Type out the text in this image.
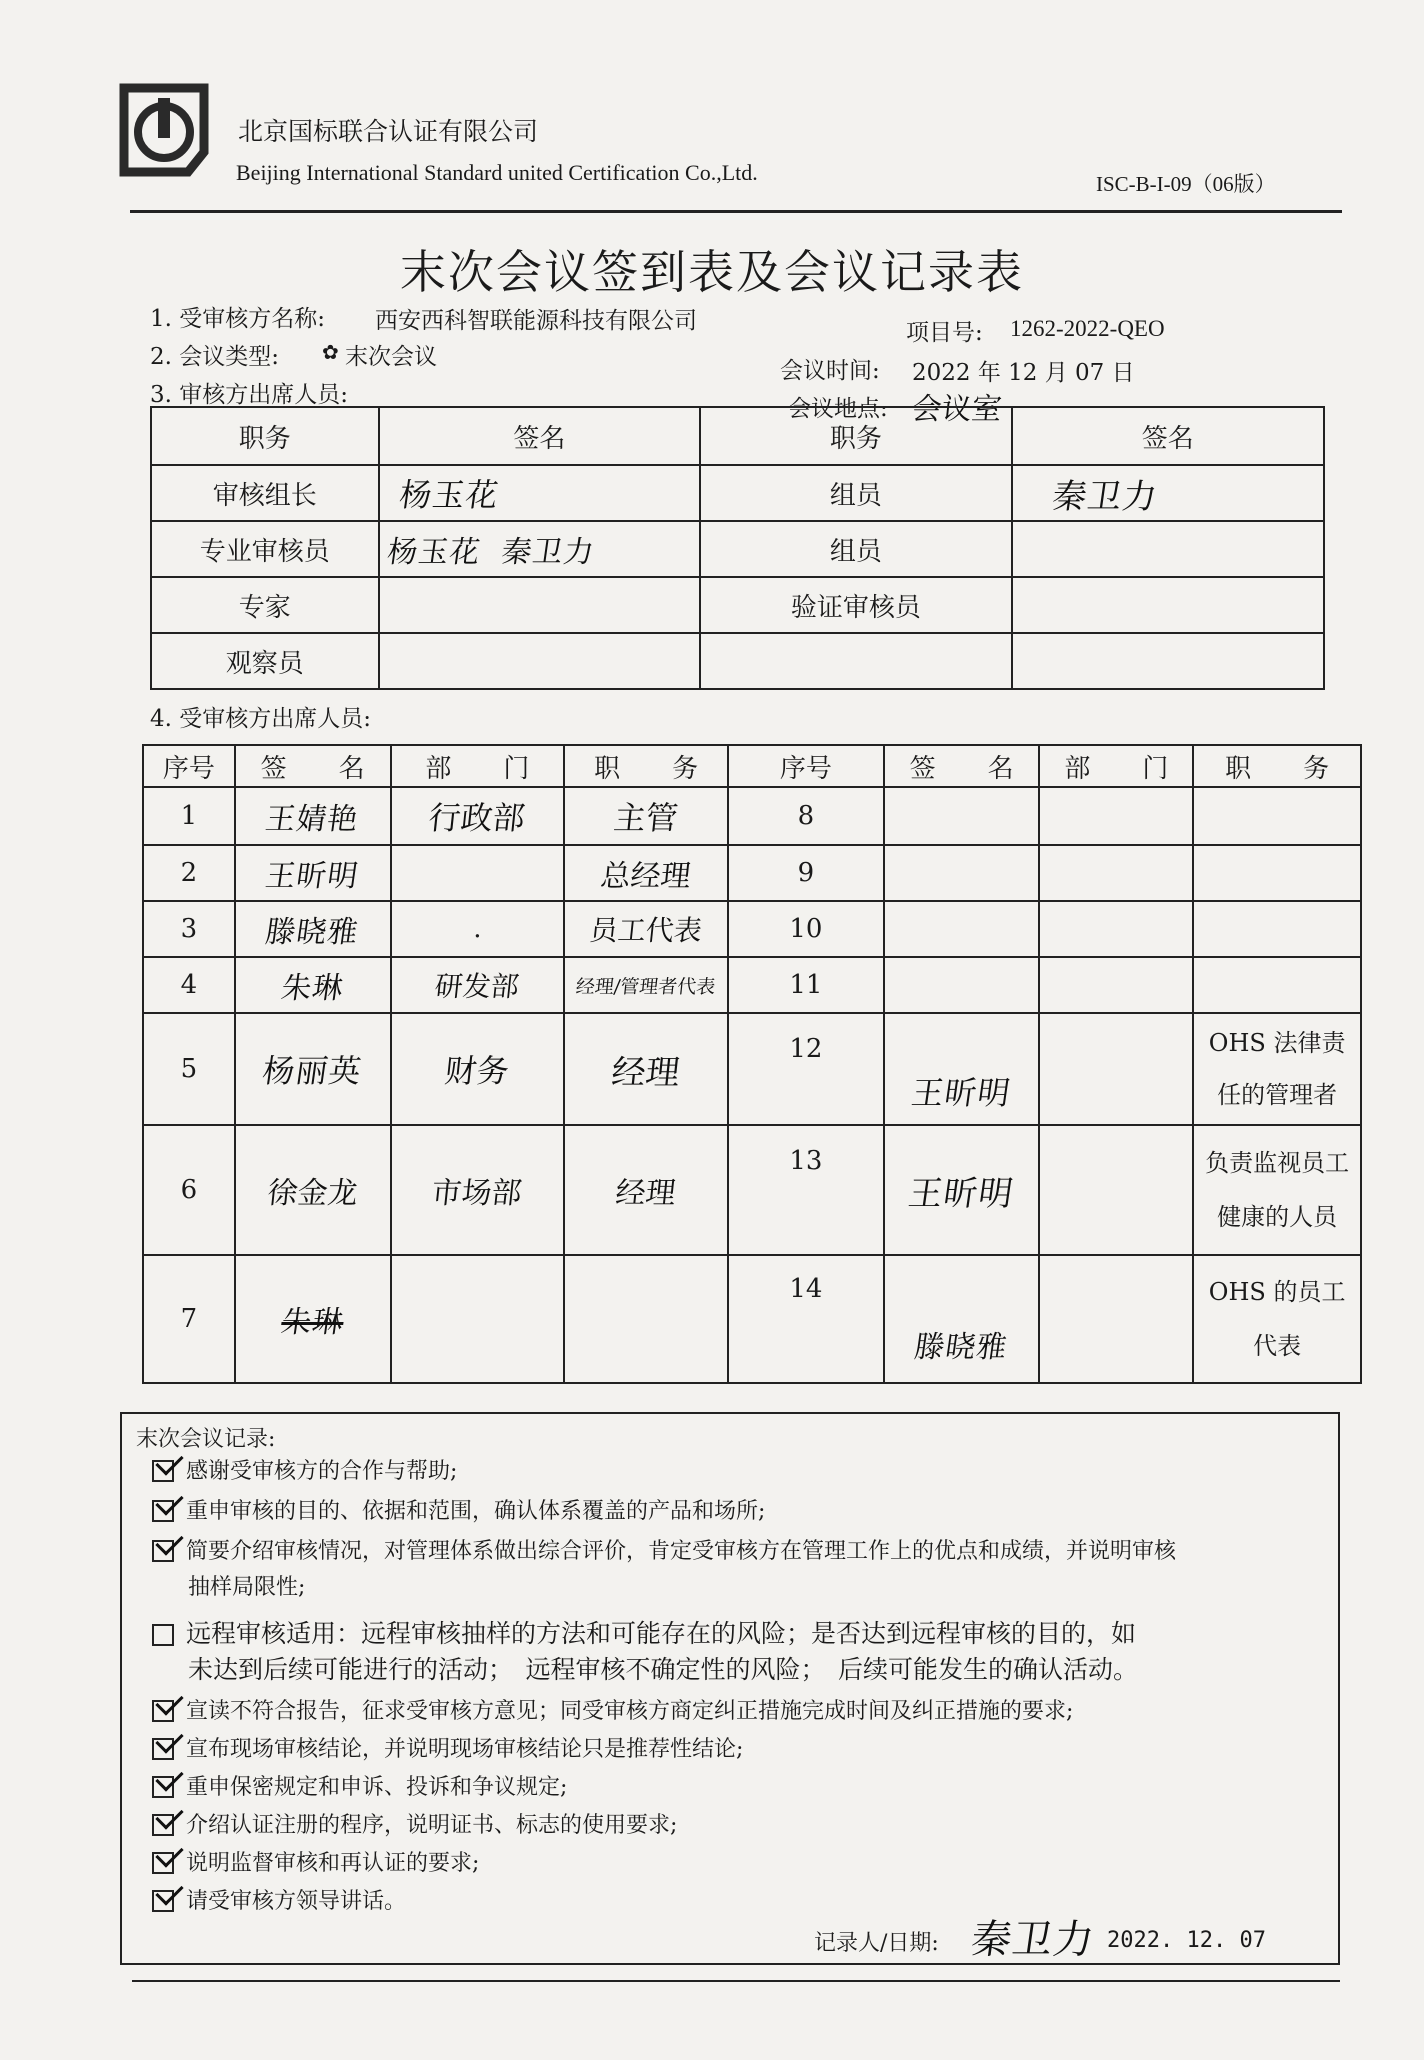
北京国标联合认证有限公司
Beijing International Standard united Certification Co.,Ltd.	ISC-B-I-09（06版）
末次会议签到表及会议记录表
1. 受审核方名称: 西安西科智联能源科技有限公司	项目号: 1262-2022-QEO
2. 会议类型: ✿ 末次会议
会议时间: 2022 年 12 月 07 日
3. 审核方出席人员:
会议地点: 会议室
职务	签名	职务	签名
审核组长	杨玉花	组员	秦卫力
专业审核员	杨玉花  秦卫力	组员	
专家		验证审核员	
观察员			
4. 受审核方出席人员:
序号	签　　名	部　　门	职　　务	序号	签　　名	部　　门	职　　务
1	王婧艳	行政部	主管	8			
2	王昕明		总经理	9			
3	滕晓雅	.	员工代表	10			
4	朱琳	研发部	经理/管理者代表	11			
5	杨丽英	财务	经理	12	王昕明		OHS 法律责任的管理者
6	徐金龙	市场部	经理	13	王昕明		负责监视员工健康的人员
7	朱琳			14	滕晓雅		OHS 的员工代表
末次会议记录:
感谢受审核方的合作与帮助;
重申审核的目的、依据和范围，确认体系覆盖的产品和场所;
简要介绍审核情况，对管理体系做出综合评价，肯定受审核方在管理工作上的优点和成绩，并说明审核
抽样局限性;
远程审核适用：远程审核抽样的方法和可能存在的风险；是否达到远程审核的目的，如
未达到后续可能进行的活动；　远程审核不确定性的风险；　后续可能发生的确认活动。
宣读不符合报告，征求受审核方意见；同受审核方商定纠正措施完成时间及纠正措施的要求;
宣布现场审核结论，并说明现场审核结论只是推荐性结论;
重申保密规定和申诉、投诉和争议规定;
介绍认证注册的程序，说明证书、标志的使用要求;
说明监督审核和再认证的要求;
请受审核方领导讲话。
记录人/日期: 秦卫力 2022. 12. 07
